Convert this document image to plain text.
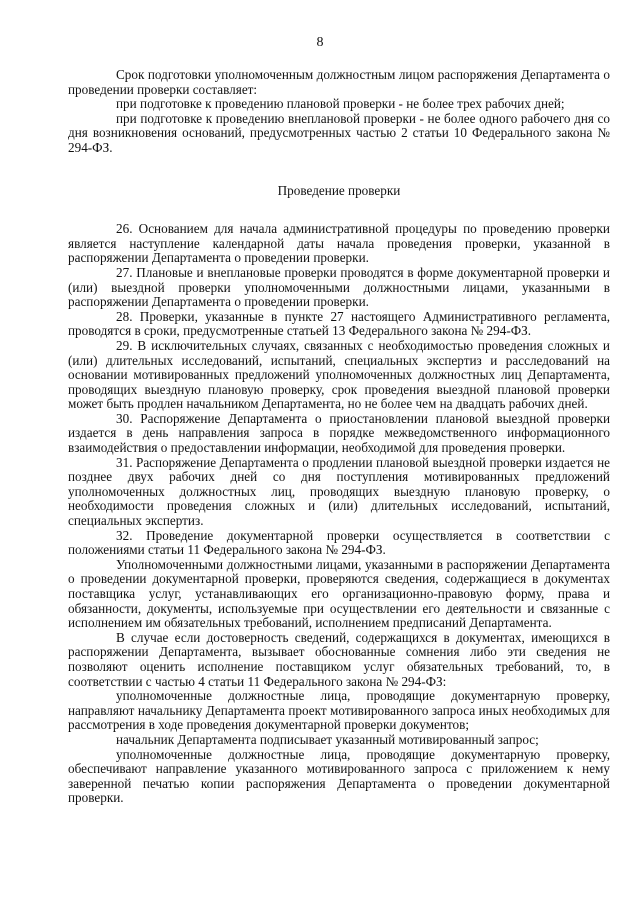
8

Срок подготовки уполномоченным должностным лицом распоряжения Департамента о проведении проверки составляет:

при подготовке к проведению плановой проверки - не более трех рабочих дней;

при подготовке к проведению внеплановой проверки - не более одного рабочего дня со дня возникновения оснований, предусмотренных частью 2 статьи 10 Федерального закона № 294-ФЗ.

Проведение проверки

26. Основанием для начала административной процедуры по проведению проверки является наступление календарной даты начала проведения проверки, указанной в распоряжении Департамента о проведении проверки.

27. Плановые и внеплановые проверки проводятся в форме документарной проверки и (или) выездной проверки уполномоченными должностными лицами, указанными в распоряжении Департамента о проведении проверки.

28. Проверки, указанные в пункте 27 настоящего Административного регламента, проводятся в сроки, предусмотренные статьей 13 Федерального закона № 294-ФЗ.

29. В исключительных случаях, связанных с необходимостью проведения сложных и (или) длительных исследований, испытаний, специальных экспертиз и расследований на основании мотивированных предложений уполномоченных должностных лиц Департамента, проводящих выездную плановую проверку, срок проведения выездной плановой проверки может быть продлен начальником Департамента, но не более чем на двадцать рабочих дней.

30. Распоряжение Департамента о приостановлении плановой выездной проверки издается в день направления запроса в порядке межведомственного информационного взаимодействия о предоставлении информации, необходимой для проведения проверки.

31. Распоряжение Департамента о продлении плановой выездной проверки издается не позднее двух рабочих дней со дня поступления мотивированных предложений уполномоченных должностных лиц, проводящих выездную плановую проверку, о необходимости проведения сложных и (или) длительных исследований, испытаний, специальных экспертиз.

32. Проведение документарной проверки осуществляется в соответствии с положениями статьи 11 Федерального закона № 294-ФЗ.

Уполномоченными должностными лицами, указанными в распоряжении Департамента о проведении документарной проверки, проверяются сведения, содержащиеся в документах поставщика услуг, устанавливающих его организационно-правовую форму, права и обязанности, документы, используемые при осуществлении его деятельности и связанные с исполнением им обязательных требований, исполнением предписаний Департамента.

В случае если достоверность сведений, содержащихся в документах, имеющихся в распоряжении Департамента, вызывает обоснованные сомнения либо эти сведения не позволяют оценить исполнение поставщиком услуг обязательных требований, то, в соответствии с частью 4 статьи 11 Федерального закона № 294-ФЗ:

уполномоченные должностные лица, проводящие документарную проверку, направляют начальнику Департамента проект мотивированного запроса иных необходимых для рассмотрения в ходе проведения документарной проверки документов;

начальник Департамента подписывает указанный мотивированный запрос;

уполномоченные должностные лица, проводящие документарную проверку, обеспечивают направление указанного мотивированного запроса с приложением к нему заверенной печатью копии распоряжения Департамента о проведении документарной проверки.
